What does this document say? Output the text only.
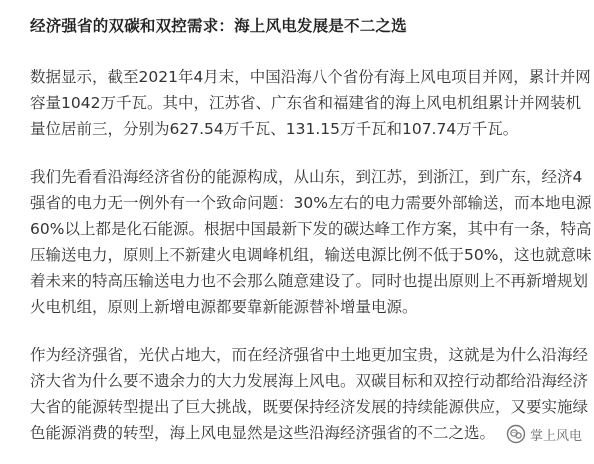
经济强省的双碳和双控需求：海上风电发展是不二之选
数据显示，截至2021年4月末，中国沿海八个省份有海上风电项目并网，累计并网
容量1042万千瓦。其中，江苏省、广东省和福建省的海上风电机组累计并网装机
量位居前三，分别为627.54万千瓦、131.15万千瓦和107.74万千瓦。
我们先看看沿海经济省份的能源构成，从山东，到江苏，到浙江，到广东，经济4
强省的电力无一例外有一个致命问题：30%左右的电力需要外部输送，而本地电源
60%以上都是化石能源。根据中国最新下发的碳达峰工作方案，其中有一条，特高
压输送电力，原则上不新建火电调峰机组，输送电源比例不低于50%，这也就意味
着未来的特高压输送电力也不会那么随意建设了。同时也提出原则上不再新增规划
火电机组，原则上新增电源都要靠新能源替补增量电源。
作为经济强省，光伏占地大，而在经济强省中土地更加宝贵，这就是为什么沿海经
济大省为什么要不遗余力的大力发展海上风电。双碳目标和双控行动都给沿海经济
大省的能源转型提出了巨大挑战，既要保持经济发展的持续能源供应，又要实施绿
色能源消费的转型，海上风电显然是这些沿海经济强省的不二之选。	掌上风电
